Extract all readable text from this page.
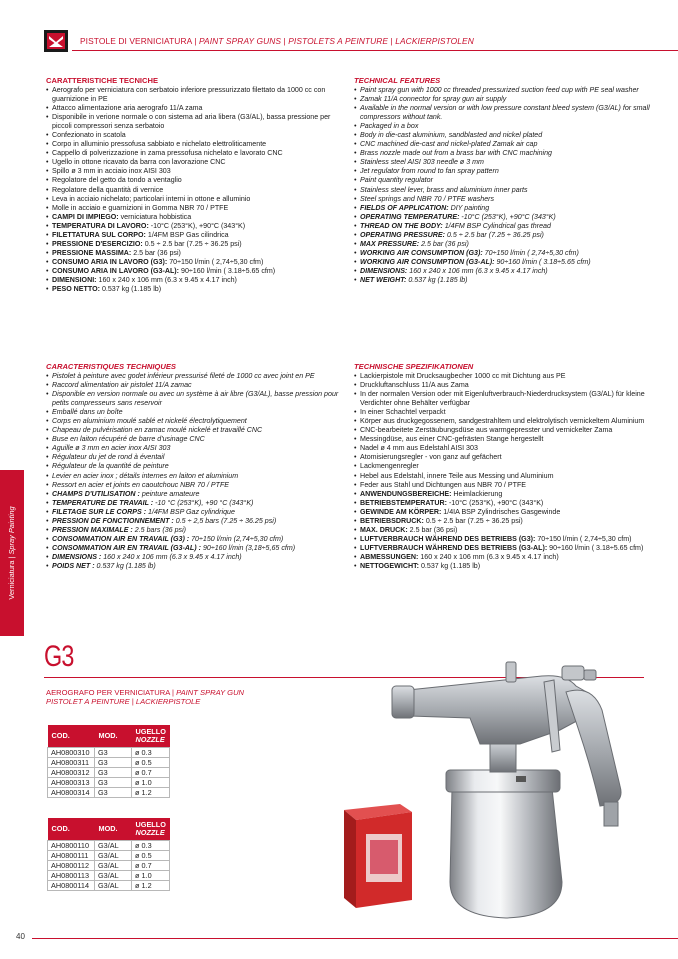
PISTOLE DI VERNICIATURA | PAINT SPRAY GUNS | PISTOLETS A PEINTURE | LACKIERPISTOLEN
Verniciatura | Spray Painting
CARATTERISTICHE TECNICHE
• Aerografo per verniciatura con serbatoio inferiore pressurizzato filettato da 1000 cc con guarnizione in PE
• Attacco alimentazione aria aerografo 11/A zama
• Disponibile in verione normale o con sistema ad aria libera (G3/AL), bassa pressione per piccoli compressori senza serbatoio
• Confezionato in scatola
• Corpo in alluminio pressofusa sabbiato e nichelato elettroliticamente
• Cappello di polverizzazione in zama pressofusa nichelato e lavorato CNC
• Ugello in ottone ricavato da barra con lavorazione CNC
• Spillo ø 3 mm in acciaio inox AISI 303
• Regolatore del getto da tondo a ventaglio
• Regolatore della quantità di vernice
• Leva in acciaio nichelato; particolari interni in ottone e alluminio
• Molle in acciaio e guarnizioni in Gomma NBR 70 / PTFE
• CAMPI DI IMPIEGO: verniciatura hobbistica
• TEMPERATURA DI LAVORO: -10°C (253°K), +90°C (343°K)
• FILETTATURA SUL CORPO: 1/4FM BSP Gas cilindrica
• PRESSIONE D'ESERCIZIO: 0.5 ÷ 2.5 bar (7.25 ÷ 36.25 psi)
• PRESSIONE MASSIMA: 2.5 bar (36 psi)
• CONSUMO ARIA IN LAVORO (G3): 70÷150 l/min ( 2,74÷5,30 cfm)
• CONSUMO ARIA IN LAVORO (G3-AL): 90÷160 l/min ( 3.18÷5.65 cfm)
• DIMENSIONI: 160 x 240 x 106 mm (6.3 x 9.45 x 4.17 inch)
• PESO NETTO: 0.537 kg (1.185 lb)
TECHNICAL FEATURES
• Paint spray gun with 1000 cc threaded pressurized suction feed cup with PE seal washer
• Zamak 11/A connector for spray gun air supply
• Available in the normal version or with low pressure constant bleed system (G3/AL) for small compressors without tank.
• Packaged in a box
• Body in die-cast aluminium, sandblasted and nickel plated
• CNC machined die-cast and nickel-plated Zamak air cap
• Brass nozzle made out from a brass bar with CNC machining
• Stainless steel AISI 303 needle ø 3 mm
• Jet regulator from round to fan spray pattern
• Paint quantity regulator
• Stainless steel lever, brass and aluminium inner parts
• Steel springs and NBR 70 / PTFE washers
• FIELDS OF APPLICATION: DIY painting
• OPERATING TEMPERATURE: -10°C (253°K), +90°C (343°K)
• THREAD ON THE BODY: 1/4FM BSP Cylindrical gas thread
• OPERATING PRESSURE: 0.5 ÷ 2.5 bar (7.25 ÷ 36.25 psi)
• MAX PRESSURE: 2.5 bar (36 psi)
• WORKING AIR CONSUMPTION (G3): 70÷150 l/min ( 2,74÷5,30 cfm)
• WORKING AIR CONSUMPTION (G3-AL): 90÷160 l/min ( 3.18÷5.65 cfm)
• DIMENSIONS: 160 x 240 x 106 mm (6.3 x 9.45 x 4.17 inch)
• NET WEIGHT: 0.537 kg (1.185 lb)
CARACTERISTIQUES TECHNIQUES
• Pistolet à peinture avec godet inférieur pressurisé fileté de 1000 cc avec joint en PE
• Raccord alimentation air pistolet 11/A zamac
• Disponible en version normale ou avec un système à air libre (G3/AL), basse pression pour petits compresseurs sans reservoir
• Emballé dans un boîte
• Corps en aluminium moulé sablé et nickelé électrolytiquement
• Chapeau de pulvérisation en zamac moulé nickelé et travaillé CNC
• Buse en laiton récupéré de barre d'usinage CNC
• Aguille ø 3 mm en acier inox AISI 303
• Régulateur du jet de rond à éventail
• Régulateur de la quantité de peinture
• Levier en acier inox ; détails internes en laiton et aluminium
• Ressort en acier et joints en caoutchouc NBR 70 / PTFE
• CHAMPS D'UTILISATION : peinture amateure
• TEMPERATURE DE TRAVAIL : -10 °C (253°K), +90 °C (343°K)
• FILETAGE SUR LE CORPS : 1/4FM BSP Gaz cylindrique
• PRESSION DE FONCTIONNEMENT : 0.5 ÷ 2,5 bars (7.25 ÷ 36.25 psi)
• PRESSION MAXIMALE : 2.5 bars (36 psi)
• CONSOMMATION AIR EN TRAVAIL (G3) : 70÷150 l/min (2,74÷5,30 cfm)
• CONSOMMATION AIR EN TRAVAIL (G3-AL) : 90÷160 l/min (3,18÷5,65 cfm)
• DIMENSIONS : 160 x 240 x 106 mm (6.3 x 9.45 x 4.17 inch)
• POIDS NET : 0.537 kg (1.185 lb)
TECHNISCHE SPEZIFIKATIONEN
• Lackierpistole mit Drucksaugbecher 1000 cc mit Dichtung aus PE
• Druckluftanschluss 11/A aus Zama
• In der normalen Version oder mit Eigenluftverbrauch-Niederdrucksystem (G3/AL) für kleine Verdichter ohne Behälter verfügbar
• In einer Schachtel verpackt
• Körper aus druckgegossenem, sandgestrahltem und elektrolytisch vernickeltem Aluminium
• CNC-bearbeitete Zerstäubungsdüse aus warmgepresster und vernickelter Zama
• Messingdüse, aus einer CNC-gefrästen Stange hergestellt
• Nadel ø 4 mm aus Edelstahl AISI 303
• Atomisierungsregler - von ganz auf gefächert
• Lackmengenregler
• Hebel aus Edelstahl, innere Teile aus Messing und Aluminium
• Feder aus Stahl und Dichtungen aus NBR 70 / PTFE
• ANWENDUNGSBEREICHE: Heimlackierung
• BETRIEBSTEMPERATUR: -10°C (253°K), +90°C (343°K)
• GEWINDE AM KÖRPER: 1/4IA BSP Zylindrisches Gasgewinde
• BETRIEBSDRUCK: 0.5 ÷ 2.5 bar (7.25 ÷ 36.25 psi)
• MAX. DRUCK: 2.5 bar (36 psi)
• LUFTVERBRAUCH WÄHREND DES BETRIEBS (G3): 70÷150 l/min ( 2,74÷5,30 cfm)
• LUFTVERBRAUCH WÄHREND DES BETRIEBS (G3-AL): 90÷160 l/min ( 3.18÷5.65 cfm)
• ABMESSUNGEN: 160 x 240 x 106 mm (6.3 x 9.45 x 4.17 inch)
• NETTOGEWICHT: 0.537 kg (1.185 lb)
G3
AEROGRAFO PER VERNICIATURA | PAINT SPRAY GUN
PISTOLET A PEINTURE | LACKIERPISTOLE
COD.	MOD.	UGELLO
NOZZLE

AH0800310	G3	ø 0.3
AH0800311	G3	ø 0.5
AH0800312	G3	ø 0.7
AH0800313	G3	ø 1.0
AH0800314	G3	ø 1.2
COD.	MOD.	UGELLO
NOZZLE

AH0800110	G3/AL	ø 0.3
AH0800111	G3/AL	ø 0.5
AH0800112	G3/AL	ø 0.7
AH0800113	G3/AL	ø 1.0
AH0800114	G3/AL	ø 1.2
40
